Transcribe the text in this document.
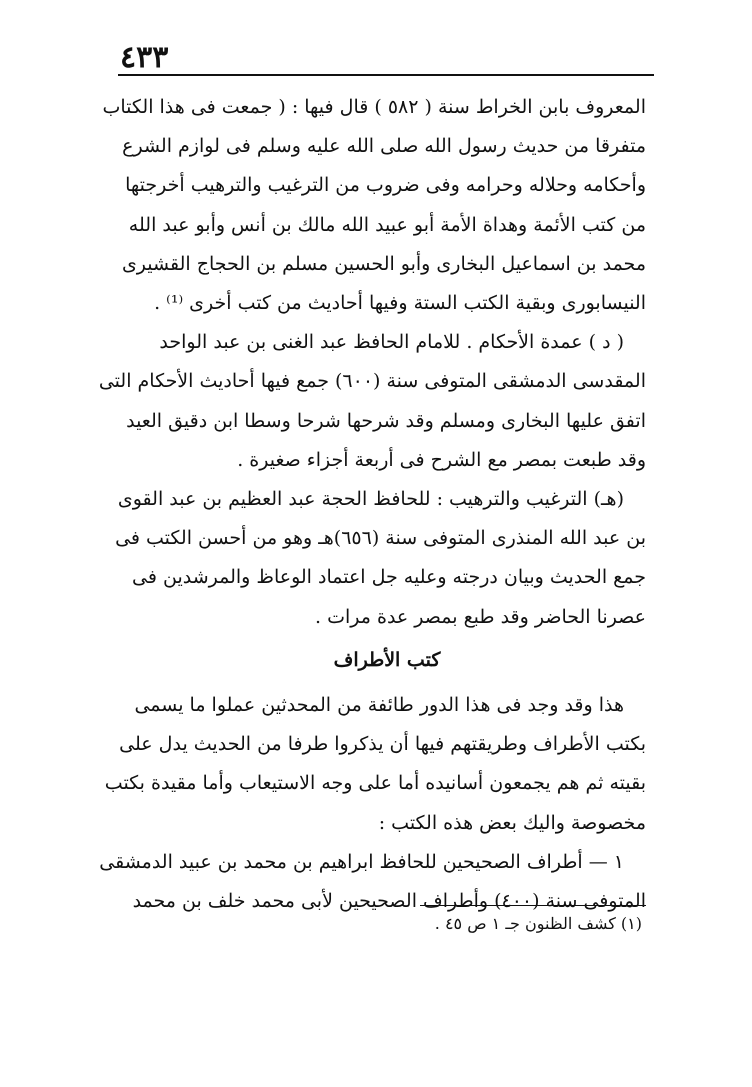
٤٣٣
المعروف بابن الخراط سنة ( ٥٨٢ ) قال فيها : ( جمعت فى هذا الكتاب
متفرقا من حديث رسول الله صلى الله عليه وسلم فى لوازم الشرع
وأحكامه وحلاله وحرامه وفى ضروب من الترغيب والترهيب أخرجتها
من كتب الأئمة وهداة الأمة أبو عبيد الله مالك بن أنس وأبو عبد الله
محمد بن اسماعيل البخارى وأبو الحسين مسلم بن الحجاج القشيرى
النيسابورى وبقية الكتب الستة وفيها أحاديث من كتب أخرى ⁽¹⁾ .
( د ) عمدة الأحكام . للامام الحافظ عبد الغنى بن عبد الواحد
المقدسى الدمشقى المتوفى سنة (٦٠٠) جمع فيها أحاديث الأحكام التى
اتفق عليها البخارى ومسلم وقد شرحها شرحا وسطا ابن دقيق العيد
وقد طبعت بمصر مع الشرح فى أربعة أجزاء صغيرة .
(هـ) الترغيب والترهيب : للحافظ الحجة عبد العظيم بن عبد القوى
بن عبد الله المنذرى المتوفى سنة (٦٥٦)هـ وهو من أحسن الكتب فى
جمع الحديث وبيان درجته وعليه جل اعتماد الوعاظ والمرشدين فى
عصرنا الحاضر وقد طبع بمصر عدة مرات .
كتب الأطراف
هذا وقد وجد فى هذا الدور طائفة من المحدثين عملوا ما يسمى
بكتب الأطراف وطريقتهم فيها أن يذكروا طرفا من الحديث يدل على
بقيته ثم هم يجمعون أسانيده أما على وجه الاستيعاب وأما مقيدة بكتب
مخصوصة واليك بعض هذه الكتب :
١ — أطراف الصحيحين للحافظ ابراهيم بن محمد بن عبيد الدمشقى
المتوفى سنة (٤٠٠) وأطراف الصحيحين لأبى محمد خلف بن محمد
(١) كشف الظنون جـ ١ ص ٤٥ .
